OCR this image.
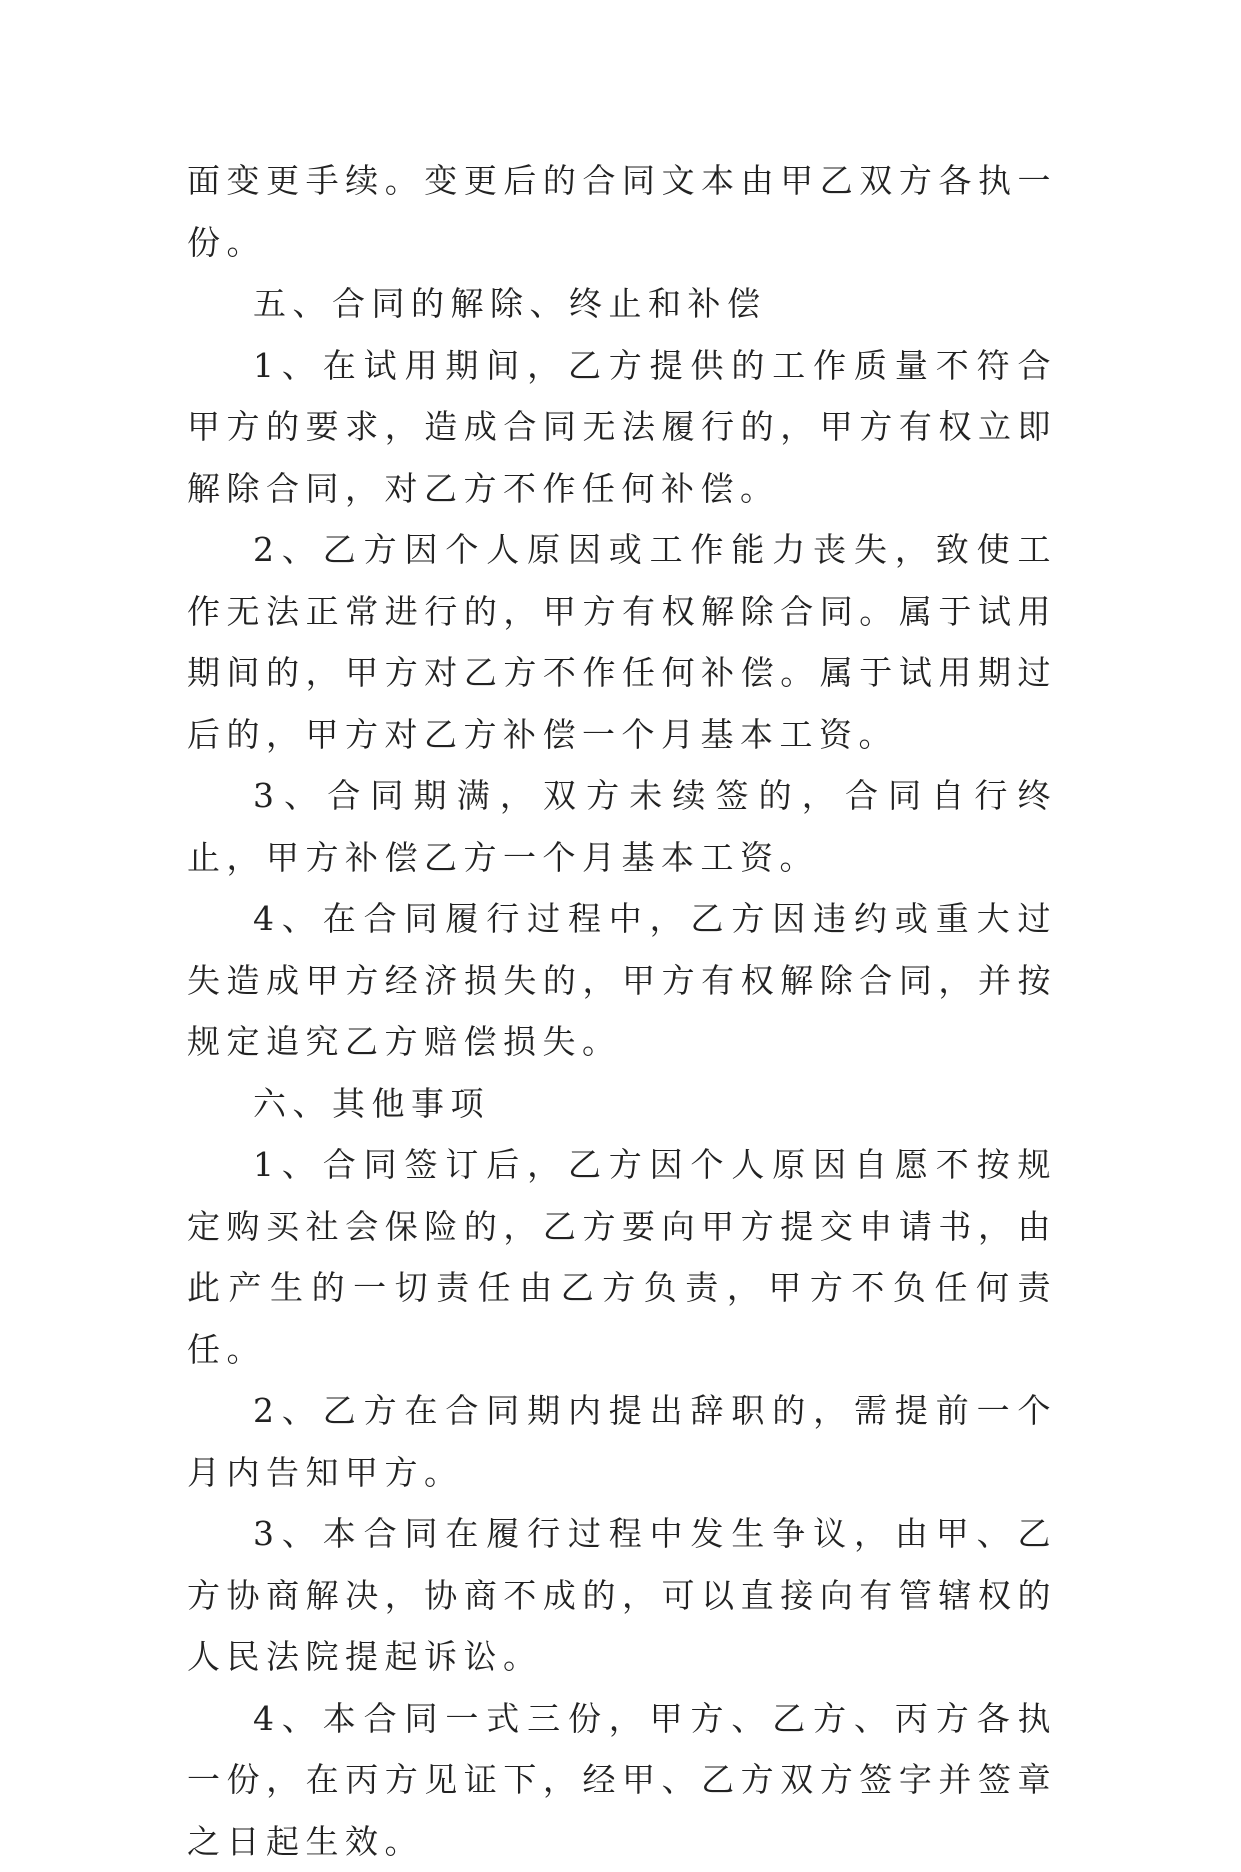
面变更手续。变更后的合同文本由甲乙双方各执一份。

五、合同的解除、终止和补偿

1、在试用期间，乙方提供的工作质量不符合甲方的要求，造成合同无法履行的，甲方有权立即解除合同，对乙方不作任何补偿。

2、乙方因个人原因或工作能力丧失，致使工作无法正常进行的，甲方有权解除合同。属于试用期间的，甲方对乙方不作任何补偿。属于试用期过后的，甲方对乙方补偿一个月基本工资。

3、合同期满，双方未续签的，合同自行终止，甲方补偿乙方一个月基本工资。

4、在合同履行过程中，乙方因违约或重大过失造成甲方经济损失的，甲方有权解除合同，并按规定追究乙方赔偿损失。

六、其他事项

1、合同签订后，乙方因个人原因自愿不按规定购买社会保险的，乙方要向甲方提交申请书，由此产生的一切责任由乙方负责，甲方不负任何责任。

2、乙方在合同期内提出辞职的，需提前一个月内告知甲方。

3、本合同在履行过程中发生争议，由甲、乙方协商解决，协商不成的，可以直接向有管辖权的人民法院提起诉讼。

4、本合同一式三份，甲方、乙方、丙方各执一份，在丙方见证下，经甲、乙方双方签字并签章之日起生效。
